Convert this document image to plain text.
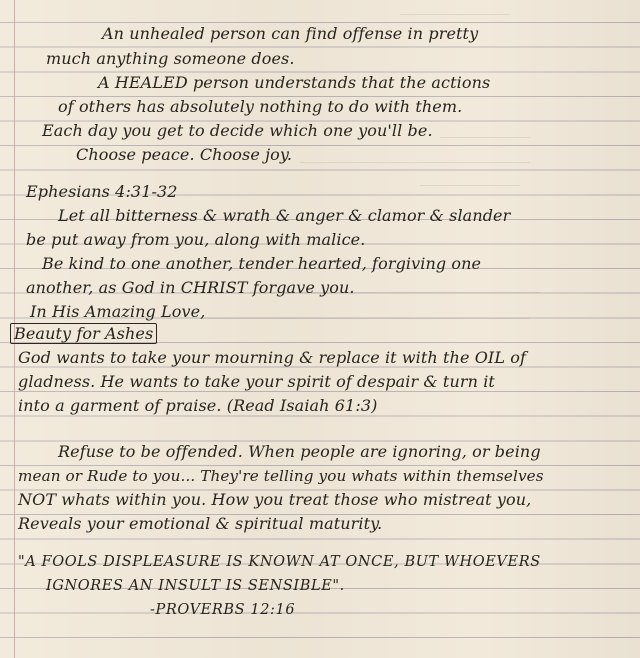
An unhealed person can find offense in pretty
much anything someone does.
A HEALED person understands that the actions
of others has absolutely nothing to do with them.
Each day you get to decide which one you'll be.
Choose peace. Choose joy.
Ephesians 4:31-32
Let all bitterness & wrath & anger & clamor & slander
be put away from you, along with malice.
Be kind to one another, tender hearted, forgiving one
another, as God in CHRIST forgave you.
In His Amazing Love,
Beauty for Ashes
God wants to take your mourning & replace it with the OIL of
gladness. He wants to take your spirit of despair & turn it
into a garment of praise. (Read Isaiah 61:3)
Refuse to be offended. When people are ignoring, or being
mean or Rude to you... They're telling you whats within themselves
NOT whats within you. How you treat those who mistreat you,
Reveals your emotional & spiritual maturity.
"A FOOLS DISPLEASURE IS KNOWN AT ONCE, BUT WHOEVERS
IGNORES AN INSULT IS SENSIBLE".
-PROVERBS 12:16
